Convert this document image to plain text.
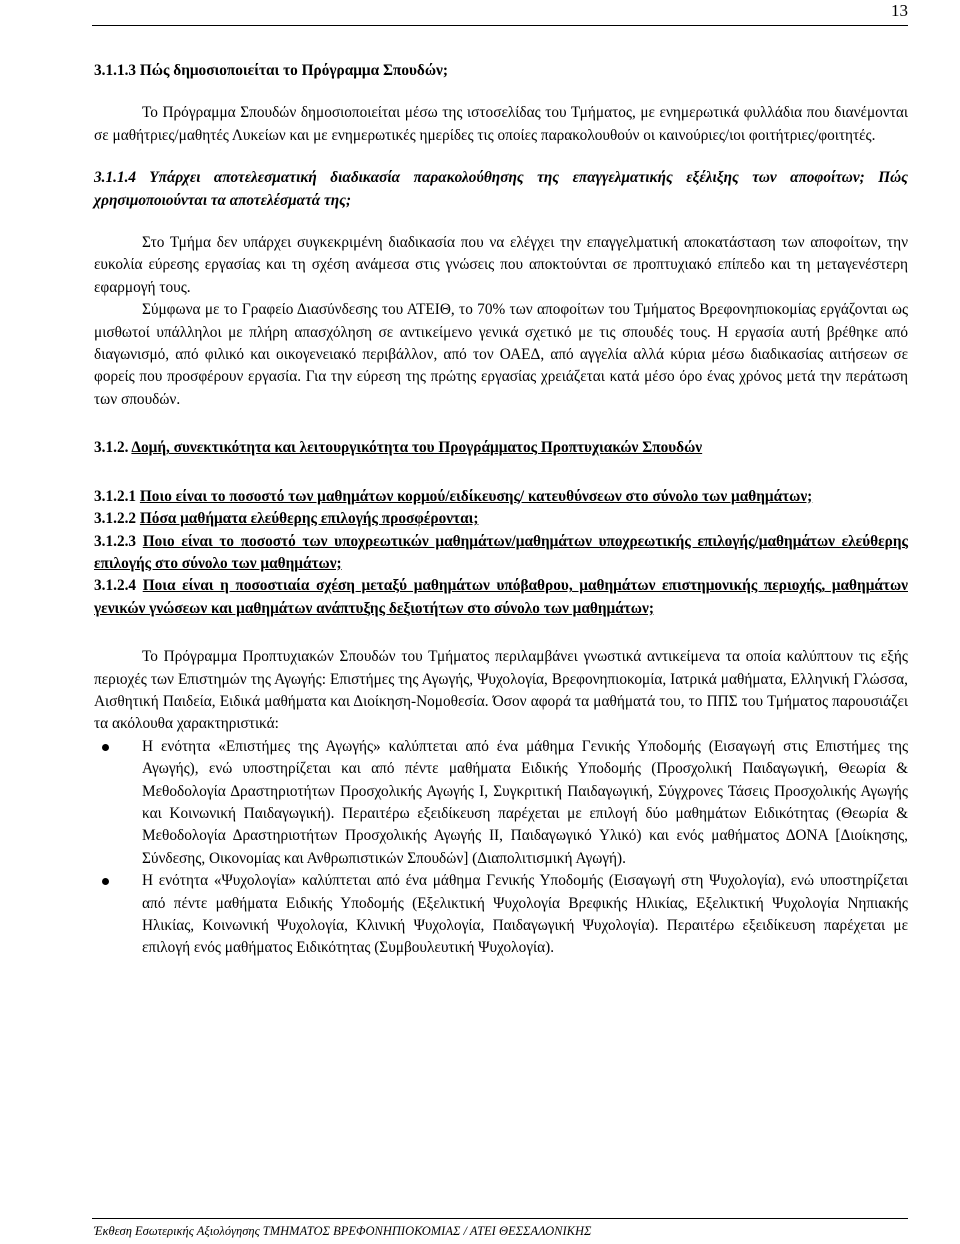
13

3.1.1.3 Πώς δημοσιοποιείται το Πρόγραμμα Σπουδών;

Το Πρόγραμμα Σπουδών δημοσιοποιείται μέσω της ιστοσελίδας του Τμήματος, με ενημερωτικά φυλλάδια που διανέμονται σε μαθήτριες/μαθητές Λυκείων και με ενημερωτικές ημερίδες τις οποίες παρακολουθούν οι καινούριες/ιοι φοιτήτριες/φοιτητές.

3.1.1.4 Υπάρχει αποτελεσματική διαδικασία παρακολούθησης της επαγγελματικής εξέλιξης των αποφοίτων; Πώς χρησιμοποιούνται τα αποτελέσματά της;

Στο Τμήμα δεν υπάρχει συγκεκριμένη διαδικασία που να ελέγχει την επαγγελματική αποκατάσταση των αποφοίτων, την ευκολία εύρεσης εργασίας και τη σχέση ανάμεσα στις γνώσεις που αποκτούνται σε προπτυχιακό επίπεδο και τη μεταγενέστερη εφαρμογή τους.

Σύμφωνα με το Γραφείο Διασύνδεσης του ΑΤΕΙΘ, το 70% των αποφοίτων του Τμήματος Βρεφονηπιοκομίας εργάζονται ως μισθωτοί υπάλληλοι με πλήρη απασχόληση σε αντικείμενο γενικά σχετικό με τις σπουδές τους. Η εργασία αυτή βρέθηκε από διαγωνισμό, από φιλικό και οικογενειακό περιβάλλον, από τον ΟΑΕΔ, από αγγελία αλλά κύρια μέσω διαδικασίας αιτήσεων σε φορείς που προσφέρουν εργασία. Για την εύρεση της πρώτης εργασίας χρειάζεται κατά μέσο όρο ένας χρόνος μετά την περάτωση των σπουδών.

3.1.2. Δομή, συνεκτικότητα και λειτουργικότητα του Προγράμματος Προπτυχιακών Σπουδών

3.1.2.1 Ποιο είναι το ποσοστό των μαθημάτων κορμού/ειδίκευσης/ κατευθύνσεων στο σύνολο των μαθημάτων;

3.1.2.2 Πόσα μαθήματα ελεύθερης επιλογής προσφέρονται;

3.1.2.3 Ποιο είναι το ποσοστό των υποχρεωτικών μαθημάτων/μαθημάτων υποχρεωτικής επιλογής/μαθημάτων ελεύθερης επιλογής στο σύνολο των μαθημάτων;

3.1.2.4 Ποια είναι η ποσοστιαία σχέση μεταξύ μαθημάτων υπόβαθρου, μαθημάτων επιστημονικής περιοχής, μαθημάτων γενικών γνώσεων και μαθημάτων ανάπτυξης δεξιοτήτων στο σύνολο των μαθημάτων;

Το Πρόγραμμα Προπτυχιακών Σπουδών του Τμήματος περιλαμβάνει γνωστικά αντικείμενα τα οποία καλύπτουν τις εξής περιοχές των Επιστημών της Αγωγής: Επιστήμες της Αγωγής, Ψυχολογία, Βρεφονηπιοκομία, Ιατρικά μαθήματα, Ελληνική Γλώσσα, Αισθητική Παιδεία, Ειδικά μαθήματα και Διοίκηση-Νομοθεσία. Όσον αφορά τα μαθήματά του, το ΠΠΣ του Τμήματος παρουσιάζει τα ακόλουθα χαρακτηριστικά:

Η ενότητα «Επιστήμες της Αγωγής» καλύπτεται από ένα μάθημα Γενικής Υποδομής (Εισαγωγή στις Επιστήμες της Αγωγής), ενώ υποστηρίζεται και από πέντε μαθήματα Ειδικής Υποδομής (Προσχολική Παιδαγωγική, Θεωρία & Μεθοδολογία Δραστηριοτήτων Προσχολικής Αγωγής Ι, Συγκριτική Παιδαγωγική, Σύγχρονες Τάσεις Προσχολικής Αγωγής και Κοινωνική Παιδαγωγική). Περαιτέρω εξειδίκευση παρέχεται με επιλογή δύο μαθημάτων Ειδικότητας (Θεωρία & Μεθοδολογία Δραστηριοτήτων Προσχολικής Αγωγής ΙΙ, Παιδαγωγικό Υλικό) και ενός μαθήματος ΔΟΝΑ [Διοίκησης, Σύνδεσης, Οικονομίας και Ανθρωπιστικών Σπουδών] (Διαπολιτισμική Αγωγή).

Η ενότητα «Ψυχολογία» καλύπτεται από ένα μάθημα Γενικής Υποδομής (Εισαγωγή στη Ψυχολογία), ενώ υποστηρίζεται από πέντε μαθήματα Ειδικής Υποδομής (Εξελικτική Ψυχολογία Βρεφικής Ηλικίας, Εξελικτική Ψυχολογία Νηπιακής Ηλικίας, Κοινωνική Ψυχολογία, Κλινική Ψυχολογία, Παιδαγωγική Ψυχολογία). Περαιτέρω εξειδίκευση παρέχεται με επιλογή ενός μαθήματος Ειδικότητας (Συμβουλευτική Ψυχολογία).

Έκθεση Εσωτερικής Αξιολόγησης ΤΜΗΜΑΤΟΣ ΒΡΕΦΟΝΗΠΙΟΚΟΜΙΑΣ / ΑΤΕΙ ΘΕΣΣΑΛΟΝΙΚΗΣ
